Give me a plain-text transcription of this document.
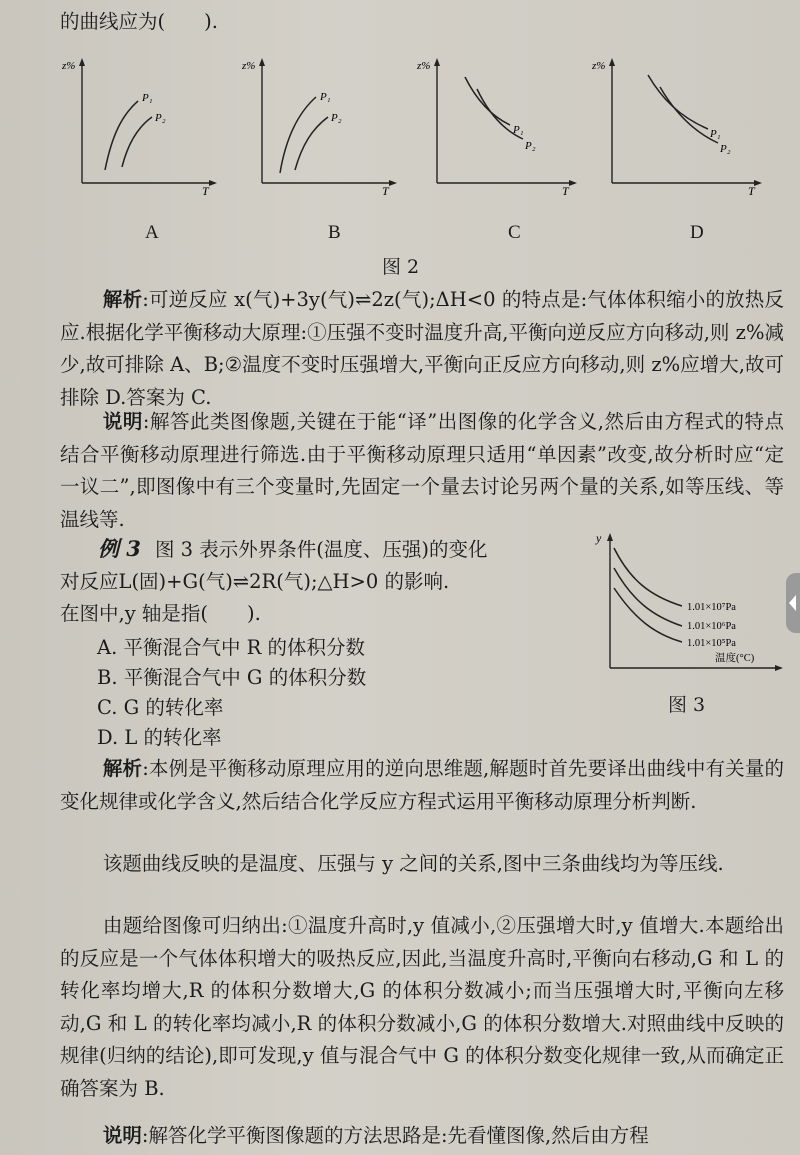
的曲线应为(　　).

z%
T
P₁
P₂
z%
T
P₁
P₂
z%
T
P₁
P₂
z%
T
P₁
P₂
A	B	C	D
图 2

解析:可逆反应 x(气)+3y(气)⇌2z(气);ΔH<0 的特点是:气体体积缩小的放热反应.根据化学平衡移动大原理:①压强不变时温度升高,平衡向逆反应方向移动,则 z%减少,故可排除 A、B;②温度不变时压强增大,平衡向正反应方向移动,则 z%应增大,故可排除 D.答案为 C.

说明:解答此类图像题,关键在于能“译”出图像的化学含义,然后由方程式的特点结合平衡移动原理进行筛选.由于平衡移动原理只适用“单因素”改变,故分析时应“定一议二”,即图像中有三个变量时,先固定一个量去讨论另两个量的关系,如等压线、等温线等.

例 3 图 3 表示外界条件(温度、压强)的变化

对反应L(固)+G(气)⇌2R(气);△H>0 的影响.

在图中,y 轴是指(　　).

A. 平衡混合气中 R 的体积分数

B. 平衡混合气中 G 的体积分数

C. G 的转化率

D. L 的转化率

y
1.01×10⁷Pa
1.01×10⁶Pa
1.01×10⁵Pa
温度(°C)
图 3

解析:本例是平衡移动原理应用的逆向思维题,解题时首先要译出曲线中有关量的变化规律或化学含义,然后结合化学反应方程式运用平衡移动原理分析判断.

该题曲线反映的是温度、压强与 y 之间的关系,图中三条曲线均为等压线.

由题给图像可归纳出:①温度升高时,y 值减小,②压强增大时,y 值增大.本题给出的反应是一个气体体积增大的吸热反应,因此,当温度升高时,平衡向右移动,G 和 L 的转化率均增大,R 的体积分数增大,G 的体积分数减小;而当压强增大时,平衡向左移动,G 和 L 的转化率均减小,R 的体积分数减小,G 的体积分数增大.对照曲线中反映的规律(归纳的结论),即可发现,y 值与混合气中 G 的体积分数变化规律一致,从而确定正确答案为 B.

说明:解答化学平衡图像题的方法思路是:先看懂图像,然后由方程
